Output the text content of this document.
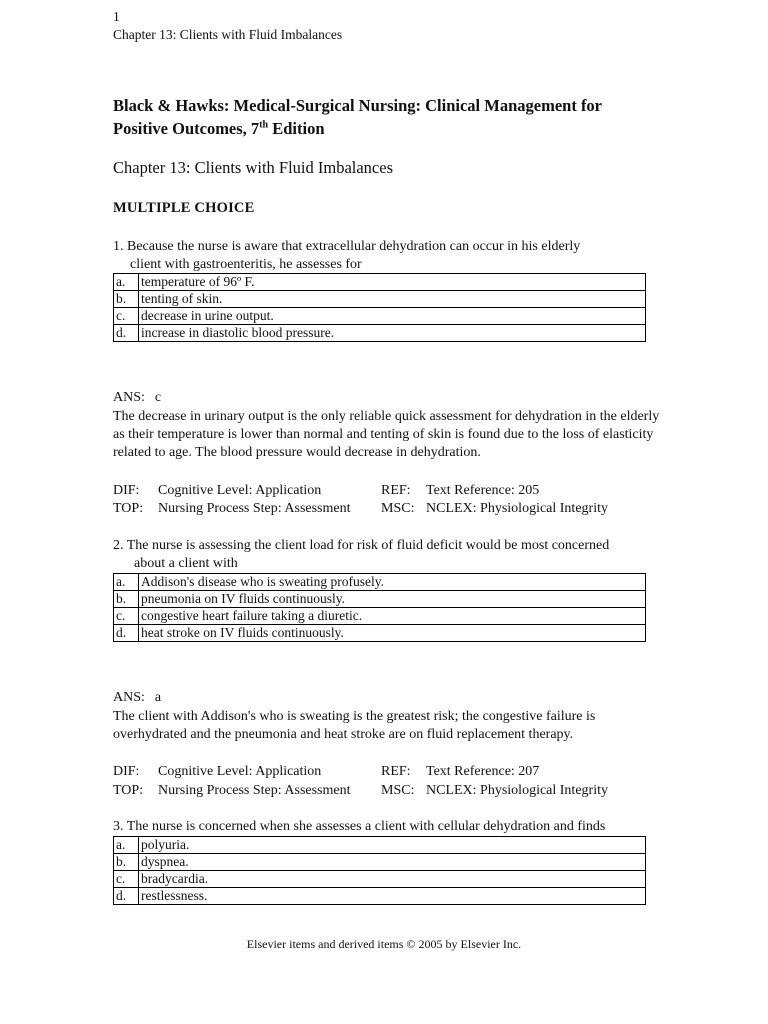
1
Chapter 13: Clients with Fluid Imbalances
Black & Hawks: Medical-Surgical Nursing: Clinical Management for
Positive Outcomes, 7th Edition
Chapter 13: Clients with Fluid Imbalances
MULTIPLE CHOICE
1. Because the nurse is aware that extracellular dehydration can occur in his elderly
client with gastroenteritis, he assesses for
a.	temperature of 96º F.
b.	tenting of skin.
c.	decrease in urine output.
d.	increase in diastolic blood pressure.
ANS: c
The decrease in urinary output is the only reliable quick assessment for dehydration in the elderly as their temperature is lower than normal and tenting of skin is found due to the loss of elasticity related to age. The blood pressure would decrease in dehydration.
DIF: Cognitive Level: Application	REF: Text Reference: 205
TOP: Nursing Process Step: Assessment MSC: NCLEX: Physiological Integrity
2. The nurse is assessing the client load for risk of fluid deficit would be most concerned
about a client with
a.	Addison's disease who is sweating profusely.
b.	pneumonia on IV fluids continuously.
c.	congestive heart failure taking a diuretic.
d.	heat stroke on IV fluids continuously.
ANS: a
The client with Addison's who is sweating is the greatest risk; the congestive failure is overhydrated and the pneumonia and heat stroke are on fluid replacement therapy.
DIF: Cognitive Level: Application	REF: Text Reference: 207
TOP: Nursing Process Step: Assessment MSC: NCLEX: Physiological Integrity
3. The nurse is concerned when she assesses a client with cellular dehydration and finds
a.	polyuria.
b.	dyspnea.
c.	bradycardia.
d.	restlessness.
Elsevier items and derived items © 2005 by Elsevier Inc.
